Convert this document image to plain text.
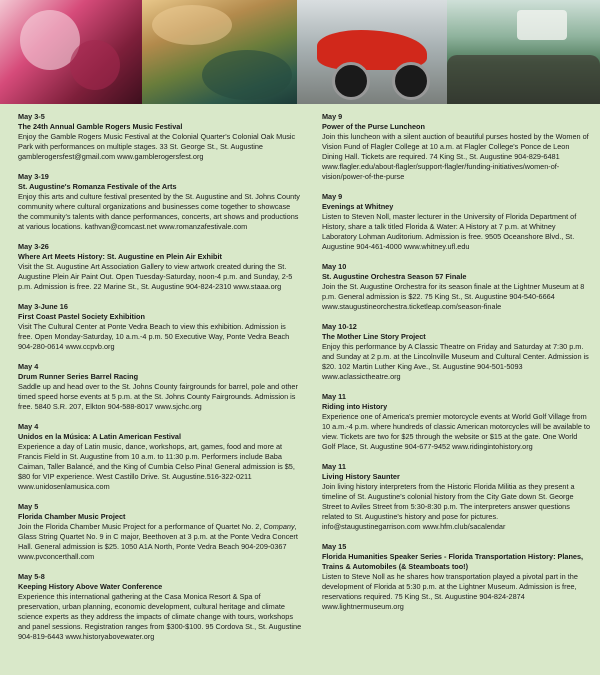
May 3-5
The 24th Annual Gamble Rogers Music Festival
Enjoy the Gamble Rogers Music Festival at the Colonial Quarter's Colonial Oak Music Park with performances on multiple stages. 33 St. George St., St. Augustine gamblerogersfest@gmail.com www.gamblerogersfest.org
May 3-19
St. Augustine's Romanza Festivale of the Arts
Enjoy this arts and culture festival presented by the St. Augustine and St. Johns County community where cultural organizations and businesses come together to showcase the community's talents with dance performances, concerts, art shows and productions at various locations. kathvan@comcast.net www.romanzafestivale.com
May 3-26
Where Art Meets History: St. Augustine en Plein Air Exhibit
Visit the St. Augustine Art Association Gallery to view artwork created during the St. Augustine Plein Air Paint Out. Open Tuesday-Saturday, noon-4 p.m. and Sunday, 2-5 p.m. Admission is free. 22 Marine St., St. Augustine 904-824-2310 www.staaa.org
May 3-June 16
First Coast Pastel Society Exhibition
Visit The Cultural Center at Ponte Vedra Beach to view this exhibition. Admission is free. Open Monday-Saturday, 10 a.m.-4 p.m. 50 Executive Way, Ponte Vedra Beach 904-280-0614 www.ccpvb.org
May 4
Drum Runner Series Barrel Racing
Saddle up and head over to the St. Johns County fairgrounds for barrel, pole and other timed speed horse events at 5 p.m. at the St. Johns County Fairgrounds. Admission is free. 5840 S.R. 207, Elkton 904-588-8017 www.sjchc.org
May 4
Unidos en la Música: A Latin American Festival
Experience a day of Latin music, dance, workshops, art, games, food and more at Francis Field in St. Augustine from 10 a.m. to 11:30 p.m. Performers include Baba Caiman, Taller Balancé, and the King of Cumbia Celso Pina! General admission is $5, $80 for VIP experience. West Castillo Drive. St. Augustine.516-322-0211 www.unidosenlamusica.com
May 5
Florida Chamber Music Project
Join the Florida Chamber Music Project for a performance of Quartet No. 2, Company, Glass String Quartet No. 9 in C major, Beethoven at 3 p.m. at the Ponte Vedra Concert Hall. General admission is $25. 1050 A1A North, Ponte Vedra Beach 904-209-0367 www.pvconcerthall.com
May 5-8
Keeping History Above Water Conference
Experience this international gathering at the Casa Monica Resort & Spa of preservation, urban planning, economic development, cultural heritage and climate science experts as they address the impacts of climate change with tours, workshops and panel sessions. Registration ranges from $300-$100. 95 Cordova St., St. Augustine 904-819-6443 www.historyabovewater.org
May 9
Power of the Purse Luncheon
Join this luncheon with a silent auction of beautiful purses hosted by the Women of Vision Fund of Flagler College at 10 a.m. at Flagler College's Ponce de Leon Dining Hall. Tickets are required. 74 King St., St. Augustine 904-829-6481 www.flagler.edu/about-flagler/support-flagler/funding-initiatives/women-of-vision/power-of-the-purse
May 9
Evenings at Whitney
Listen to Steven Noll, master lecturer in the University of Florida Department of History, share a talk titled Florida & Water: A History at 7 p.m. at Whitney Laboratory Lohman Auditorium. Admission is free. 9505 Oceanshore Blvd., St. Augustine 904-461-4000 www.whitney.ufl.edu
May 10
St. Augustine Orchestra Season 57 Finale
Join the St. Augustine Orchestra for its season finale at the Lightner Museum at 8 p.m. General admission is $22. 75 King St., St. Augustine 904-540-6664 www.staugustineorchestra.ticketleap.com/season-finale
May 10-12
The Mother Line Story Project
Enjoy this performance by A Classic Theatre on Friday and Saturday at 7:30 p.m. and Sunday at 2 p.m. at the Lincolnville Museum and Cultural Center. Admission is $20. 102 Martin Luther King Ave., St. Augustine 904-501-5093 www.aclassictheatre.org
May 11
Riding into History
Experience one of America's premier motorcycle events at World Golf Village from 10 a.m.-4 p.m. where hundreds of classic American motorcycles will be available to view. Tickets are two for $25 through the website or $15 at the gate. One World Golf Place, St. Augustine 904-677-9452 www.ridingintohistory.org
May 11
Living History Saunter
Join living history interpreters from the Historic Florida Militia as they present a timeline of St. Augustine's colonial history from the City Gate down St. George Street to Aviles Street from 5:30-8:30 p.m. The interpreters answer questions related to St. Augustine's history and pose for pictures. info@staugustinegarrison.com www.hfm.club/sacalendar
May 15
Florida Humanities Speaker Series - Florida Transportation History: Planes, Trains & Automobiles (& Steamboats too!)
Listen to Steve Noll as he shares how transportation played a pivotal part in the development of Florida at 5:30 p.m. at the Lightner Museum. Admission is free, reservations required. 75 King St., St. Augustine 904-824-2874 www.lightnermuseum.org
